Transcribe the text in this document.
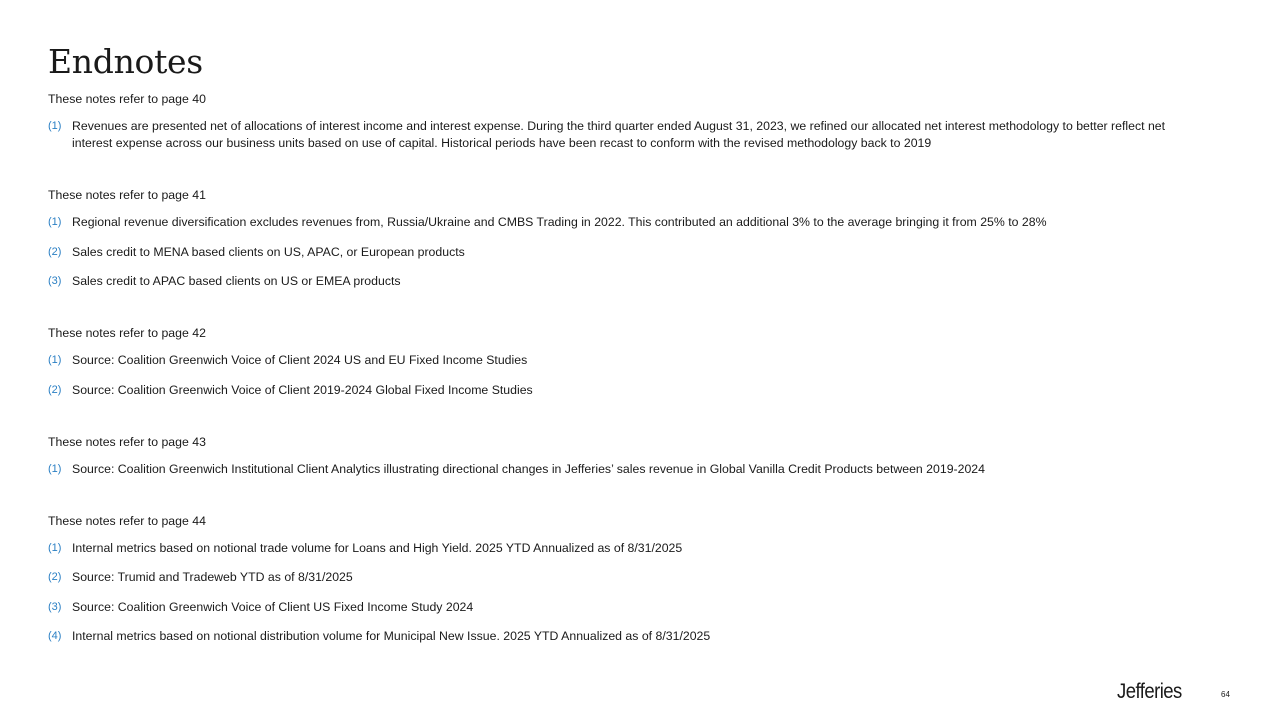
Endnotes
These notes refer to page 40
(1) Revenues are presented net of allocations of interest income and interest expense. During the third quarter ended August 31, 2023, we refined our allocated net interest methodology to better reflect net interest expense across our business units based on use of capital. Historical periods have been recast to conform with the revised methodology back to 2019
These notes refer to page 41
(1) Regional revenue diversification excludes revenues from, Russia/Ukraine and CMBS Trading in 2022. This contributed an additional 3% to the average bringing it from 25% to 28%
(2) Sales credit to MENA based clients on US, APAC, or European products
(3) Sales credit to APAC based clients on US or EMEA products
These notes refer to page 42
(1) Source: Coalition Greenwich Voice of Client 2024 US and EU Fixed Income Studies
(2) Source: Coalition Greenwich Voice of Client 2019-2024 Global Fixed Income Studies
These notes refer to page 43
(1) Source: Coalition Greenwich Institutional Client Analytics illustrating directional changes in Jefferies’ sales revenue in Global Vanilla Credit Products between 2019-2024
These notes refer to page 44
(1) Internal metrics based on notional trade volume for Loans and High Yield. 2025 YTD Annualized as of 8/31/2025
(2) Source: Trumid and Tradeweb YTD as of 8/31/2025
(3) Source: Coalition Greenwich Voice of Client US Fixed Income Study 2024
(4) Internal metrics based on notional distribution volume for Municipal New Issue. 2025 YTD Annualized as of 8/31/2025
Jefferies	64
